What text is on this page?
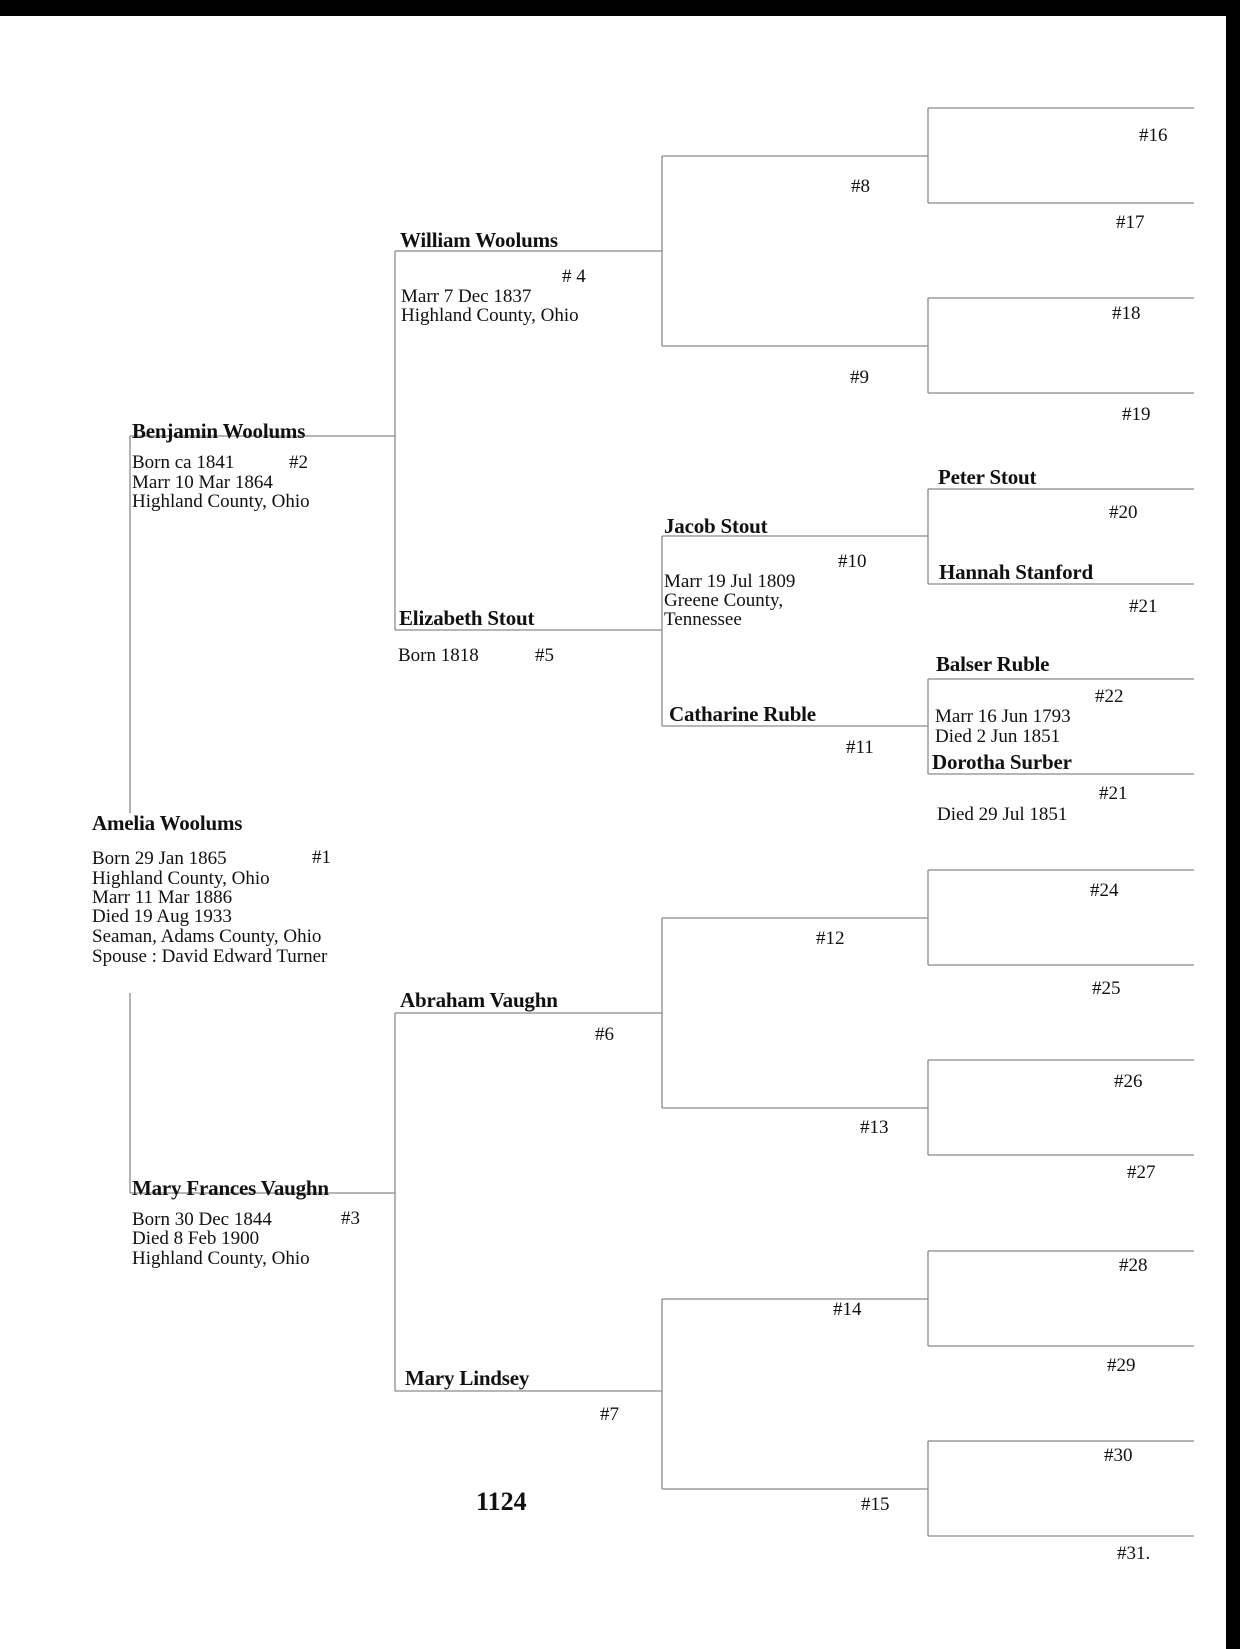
Amelia Woolums
#1
Born 29 Jan 1865
Highland County, Ohio
Marr 11 Mar 1886
Died 19 Aug 1933
Seaman, Adams County, Ohio
Spouse : David Edward Turner
Benjamin Woolums
#2
Born ca 1841
Marr 10 Mar 1864
Highland County, Ohio
Mary Frances Vaughn
#3
Born 30 Dec 1844
Died 8 Feb 1900
Highland County, Ohio
William Woolums
# 4
Marr 7 Dec 1837
Highland County, Ohio
Elizabeth Stout
Born 1818	#5
Abraham Vaughn
#6
Mary Lindsey
#7
#8
#9
Jacob Stout
#10
Marr 19 Jul 1809
Greene County,
Tennessee
Catharine Ruble
#11
#12
#13
#14
#15
#16
#17
#18
#19
Peter Stout
#20
Hannah Stanford
#21
Balser Ruble
#22
Marr 16 Jun 1793
Died 2 Jun 1851
Dorotha Surber
#21
Died 29 Jul 1851
#24
#25
#26
#27
#28
#29
#30
#31.
1124
